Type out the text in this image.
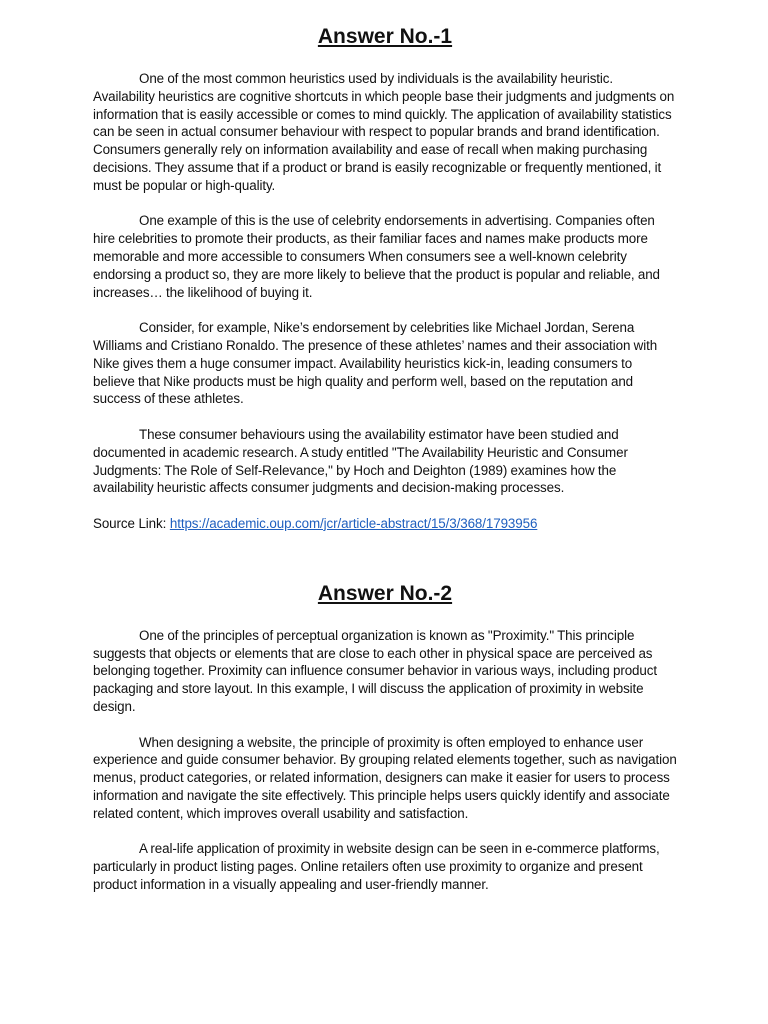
Answer No.-1

One of the most common heuristics used by individuals is the availability heuristic. Availability heuristics are cognitive shortcuts in which people base their judgments and judgments on information that is easily accessible or comes to mind quickly. The application of availability statistics can be seen in actual consumer behaviour with respect to popular brands and brand identification. Consumers generally rely on information availability and ease of recall when making purchasing decisions. They assume that if a product or brand is easily recognizable or frequently mentioned, it must be popular or high-quality.

One example of this is the use of celebrity endorsements in advertising. Companies often hire celebrities to promote their products, as their familiar faces and names make products more memorable and more accessible to consumers When consumers see a well-known celebrity endorsing a product so, they are more likely to believe that the product is popular and reliable, and increases… the likelihood of buying it.

Consider, for example, Nike’s endorsement by celebrities like Michael Jordan, Serena Williams and Cristiano Ronaldo. The presence of these athletes’ names and their association with Nike gives them a huge consumer impact. Availability heuristics kick-in, leading consumers to believe that Nike products must be high quality and perform well, based on the reputation and success of these athletes.

These consumer behaviours using the availability estimator have been studied and documented in academic research. A study entitled "The Availability Heuristic and Consumer Judgments: The Role of Self-Relevance," by Hoch and Deighton (1989) examines how the availability heuristic affects consumer judgments and decision-making processes.

Source Link: https://academic.oup.com/jcr/article-abstract/15/3/368/1793956

Answer No.-2

One of the principles of perceptual organization is known as "Proximity." This principle suggests that objects or elements that are close to each other in physical space are perceived as belonging together. Proximity can influence consumer behavior in various ways, including product packaging and store layout. In this example, I will discuss the application of proximity in website design.

When designing a website, the principle of proximity is often employed to enhance user experience and guide consumer behavior. By grouping related elements together, such as navigation menus, product categories, or related information, designers can make it easier for users to process information and navigate the site effectively. This principle helps users quickly identify and associate related content, which improves overall usability and satisfaction.

A real-life application of proximity in website design can be seen in e-commerce platforms, particularly in product listing pages. Online retailers often use proximity to organize and present product information in a visually appealing and user-friendly manner.
